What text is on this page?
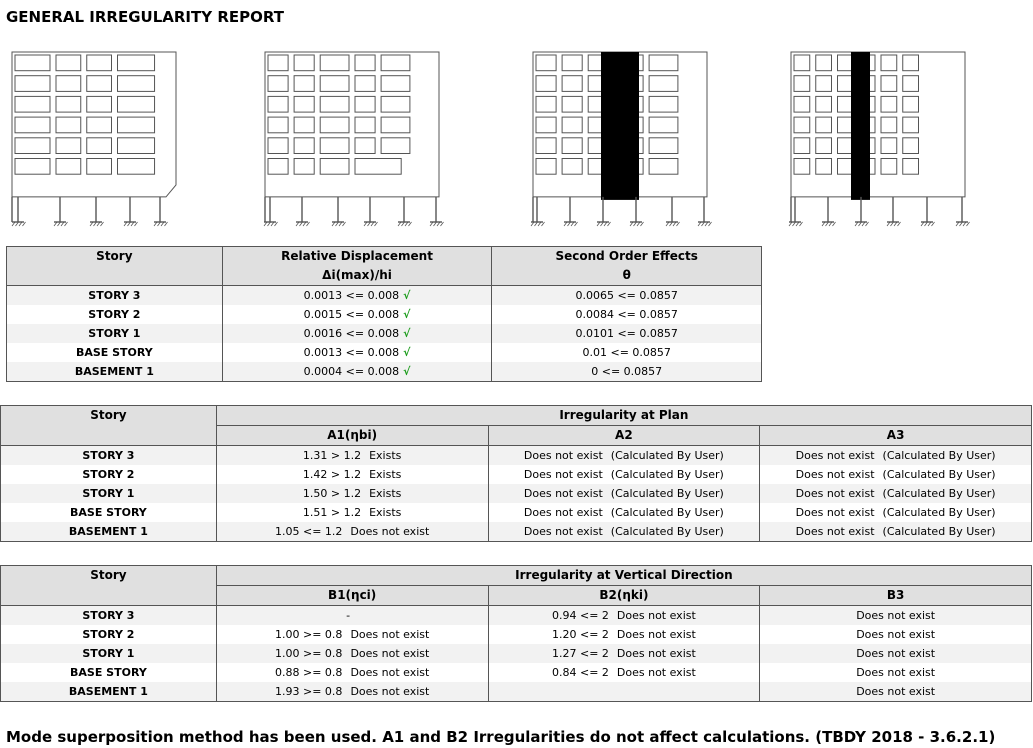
GENERAL IRREGULARITY REPORT
Story	Relative Displacement	Second Order Effects
	Δi(max)/hi	θ
STORY 3	0.0013 <= 0.008 √	0.0065 <= 0.0857
STORY 2	0.0015 <= 0.008 √	0.0084 <= 0.0857
STORY 1	0.0016 <= 0.008 √	0.0101 <= 0.0857
BASE STORY	0.0013 <= 0.008 √	0.01 <= 0.0857
BASEMENT 1	0.0004 <= 0.008 √	0 <= 0.0857
Story	Irregularity at Plan		
	A1(ηbi)	A2	A3
STORY 3	1.31 > 1.2 Exists	Does not exist (Calculated By User)	Does not exist (Calculated By User)
STORY 2	1.42 > 1.2 Exists	Does not exist (Calculated By User)	Does not exist (Calculated By User)
STORY 1	1.50 > 1.2 Exists	Does not exist (Calculated By User)	Does not exist (Calculated By User)
BASE STORY	1.51 > 1.2 Exists	Does not exist (Calculated By User)	Does not exist (Calculated By User)
BASEMENT 1	1.05 <= 1.2 Does not exist	Does not exist (Calculated By User)	Does not exist (Calculated By User)
Story	Irregularity at Vertical Direction		
	B1(ηci)	B2(ηki)	B3
STORY 3	-	0.94 <= 2 Does not exist	Does not exist
STORY 2	1.00 >= 0.8 Does not exist	1.20 <= 2 Does not exist	Does not exist
STORY 1	1.00 >= 0.8 Does not exist	1.27 <= 2 Does not exist	Does not exist
BASE STORY	0.88 >= 0.8 Does not exist	0.84 <= 2 Does not exist	Does not exist
BASEMENT 1	1.93 >= 0.8 Does not exist		Does not exist

Mode superposition method has been used. A1 and B2 Irregularities do not affect calculations. (TBDY 2018 - 3.6.2.1)
